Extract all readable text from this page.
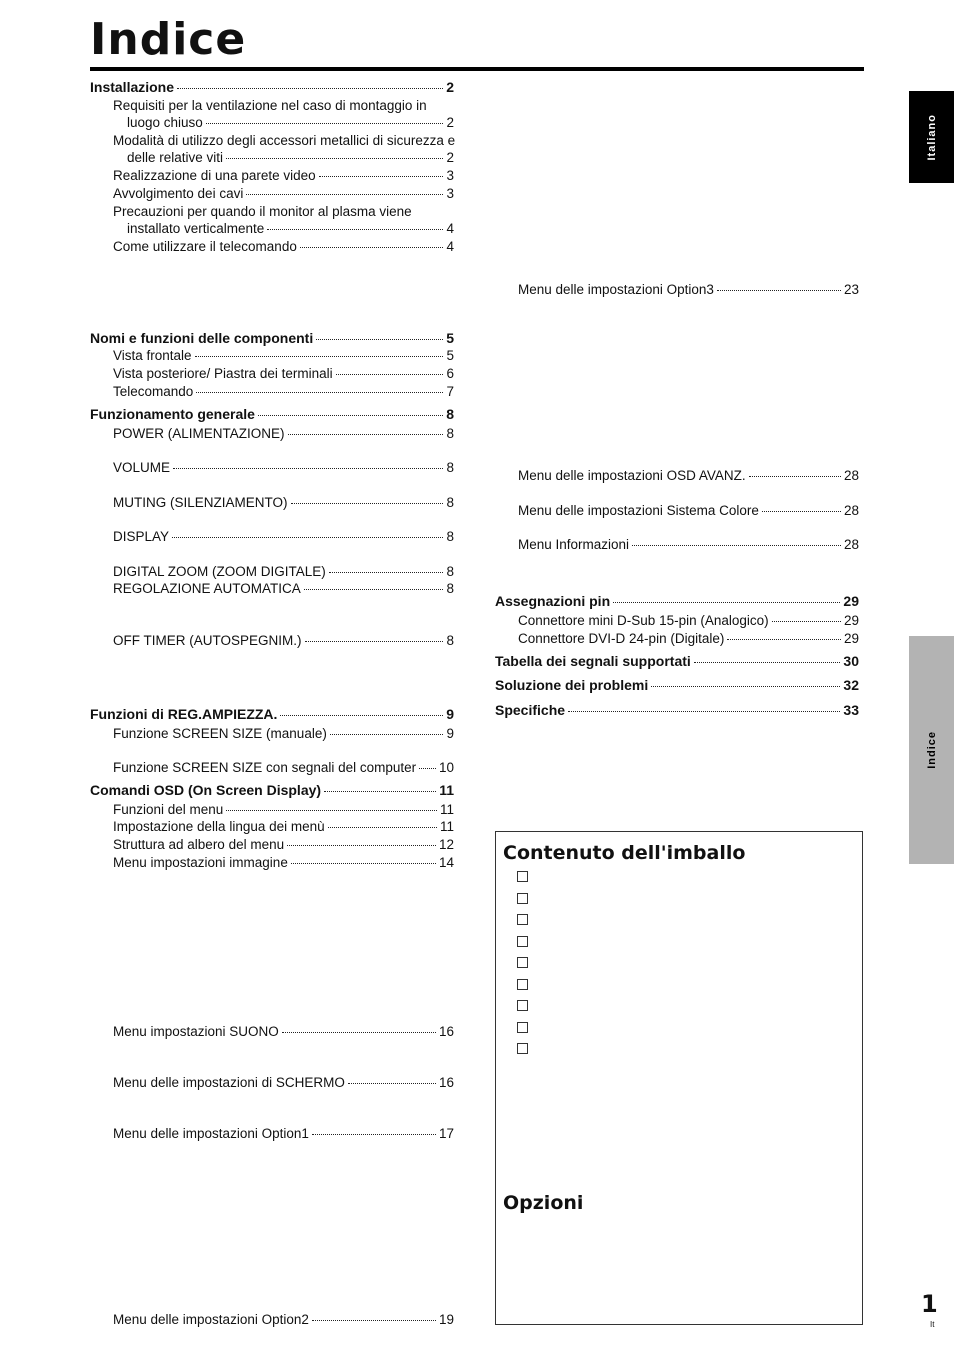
Indice
Italiano
Indice
Installazione	2
Requisiti per la ventilazione nel caso di montaggio in
luogo chiuso	2
Modalità di utilizzo degli accessori metallici di sicurezza e
delle relative viti	2
Realizzazione di una parete video	3
Avvolgimento dei cavi	3
Precauzioni per quando il monitor al plasma viene
installato verticalmente	4
Come utilizzare il telecomando	4
Nomi e funzioni delle componenti	5
Vista frontale	5
Vista posteriore/ Piastra dei terminali	6
Telecomando	7
Funzionamento generale	8
POWER (ALIMENTAZIONE)	8
VOLUME	8
MUTING (SILENZIAMENTO)	8
DISPLAY	8
DIGITAL ZOOM (ZOOM DIGITALE)	8
REGOLAZIONE AUTOMATICA	8
OFF TIMER (AUTOSPEGNIM.)	8
Funzioni di REG.AMPIEZZA.	9
Funzione SCREEN SIZE (manuale)	9
Funzione SCREEN SIZE con segnali del computer 10
Comandi OSD (On Screen Display)	11
Funzioni del menu	11
Impostazione della lingua dei menù	11
Struttura ad albero del menu	12
Menu impostazioni immagine	14
Menu impostazioni SUONO	16
Menu delle impostazioni di SCHERMO	16
Menu delle impostazioni Option1	17
Menu delle impostazioni Option2	19
Menu delle impostazioni Option3	23
Menu delle impostazioni OSD AVANZ.	28
Menu delle impostazioni Sistema Colore	28
Menu Informazioni	28
Assegnazioni pin	29
Connettore mini D-Sub 15-pin (Analogico)	29
Connettore DVI-D 24-pin (Digitale)	29
Tabella dei segnali supportati	30
Soluzione dei problemi	32
Specifiche	33
Contenuto dell'imballo
Opzioni
1
It
